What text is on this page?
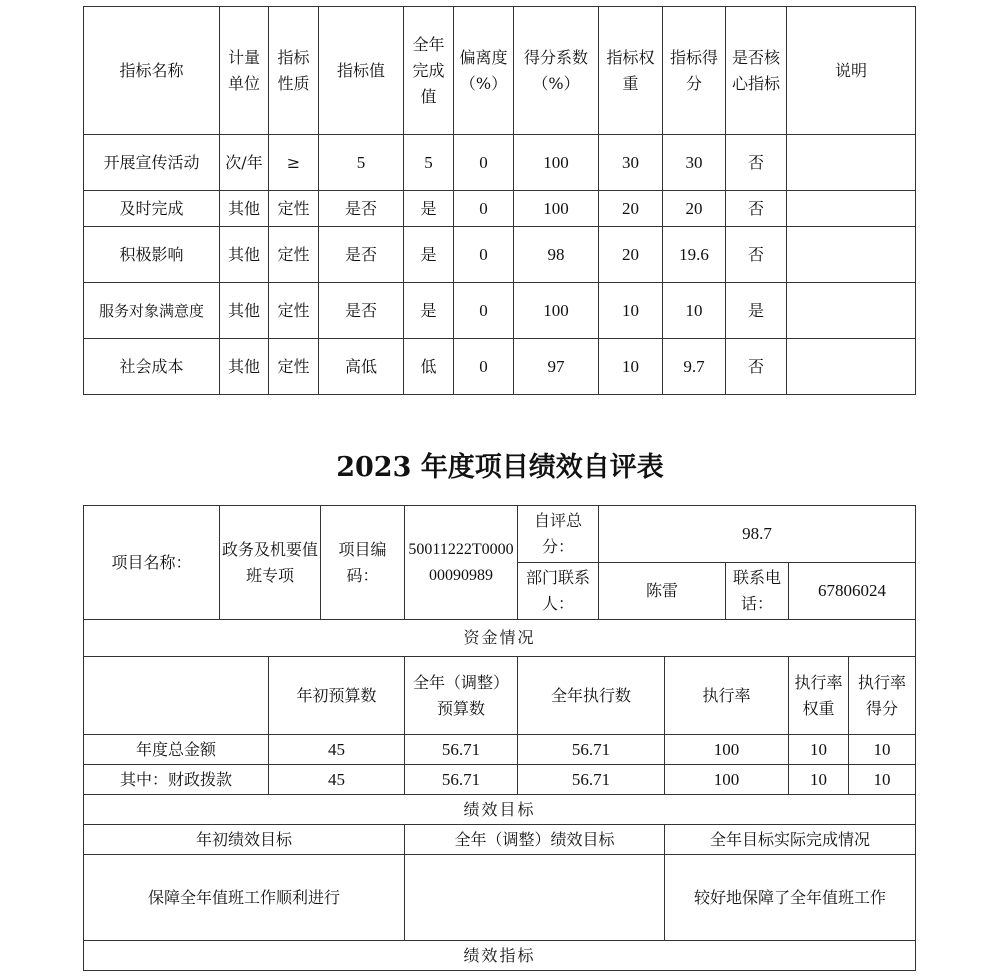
指标名称	计量单位	指标性质	指标值	全年完成值	偏离度（%）	得分系数（%）	指标权重	指标得分	是否核心指标	说明
开展宣传活动	次/年	≥	5	5	0	100	30	30	否	
及时完成	其他	定性	是否	是	0	100	20	20	否	
积极影响	其他	定性	是否	是	0	98	20	19.6	否	
服务对象满意度	其他	定性	是否	是	0	100	10	10	是	
社会成本	其他	定性	高低	低	0	97	10	9.7	否	
2023 年度项目绩效自评表
项目名称：	政务及机要值班专项		项目编码：	50011222T000000090989	自评总分：	98.7				
					部门联系人：	陈雷		联系电话：	67806024	
资金情况										
		年初预算数		全年（调整）预算数	全年执行数		执行率		执行率权重	执行率得分
年度总金额		45		56.71	56.71		100		10	10
其中：财政拨款		45		56.71	56.71		100		10	10
绩效目标										
年初绩效目标				全年（调整）绩效目标			全年目标实际完成情况			
保障全年值班工作顺利进行							较好地保障了全年值班工作			
绩效指标										
